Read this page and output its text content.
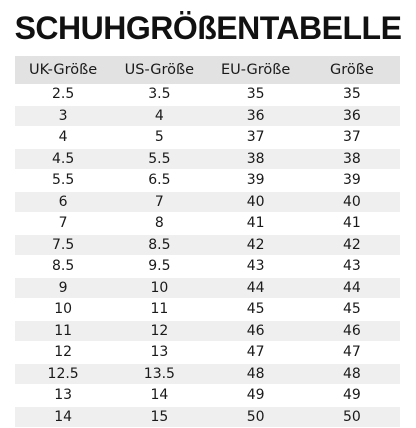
SCHUHGRÖßENTABELLE
UK-Größe	US-Größe	EU-Größe	Größe
2.5	3.5	35	35
3	4	36	36
4	5	37	37
4.5	5.5	38	38
5.5	6.5	39	39
6	7	40	40
7	8	41	41
7.5	8.5	42	42
8.5	9.5	43	43
9	10	44	44
10	11	45	45
11	12	46	46
12	13	47	47
12.5	13.5	48	48
13	14	49	49
14	15	50	50
